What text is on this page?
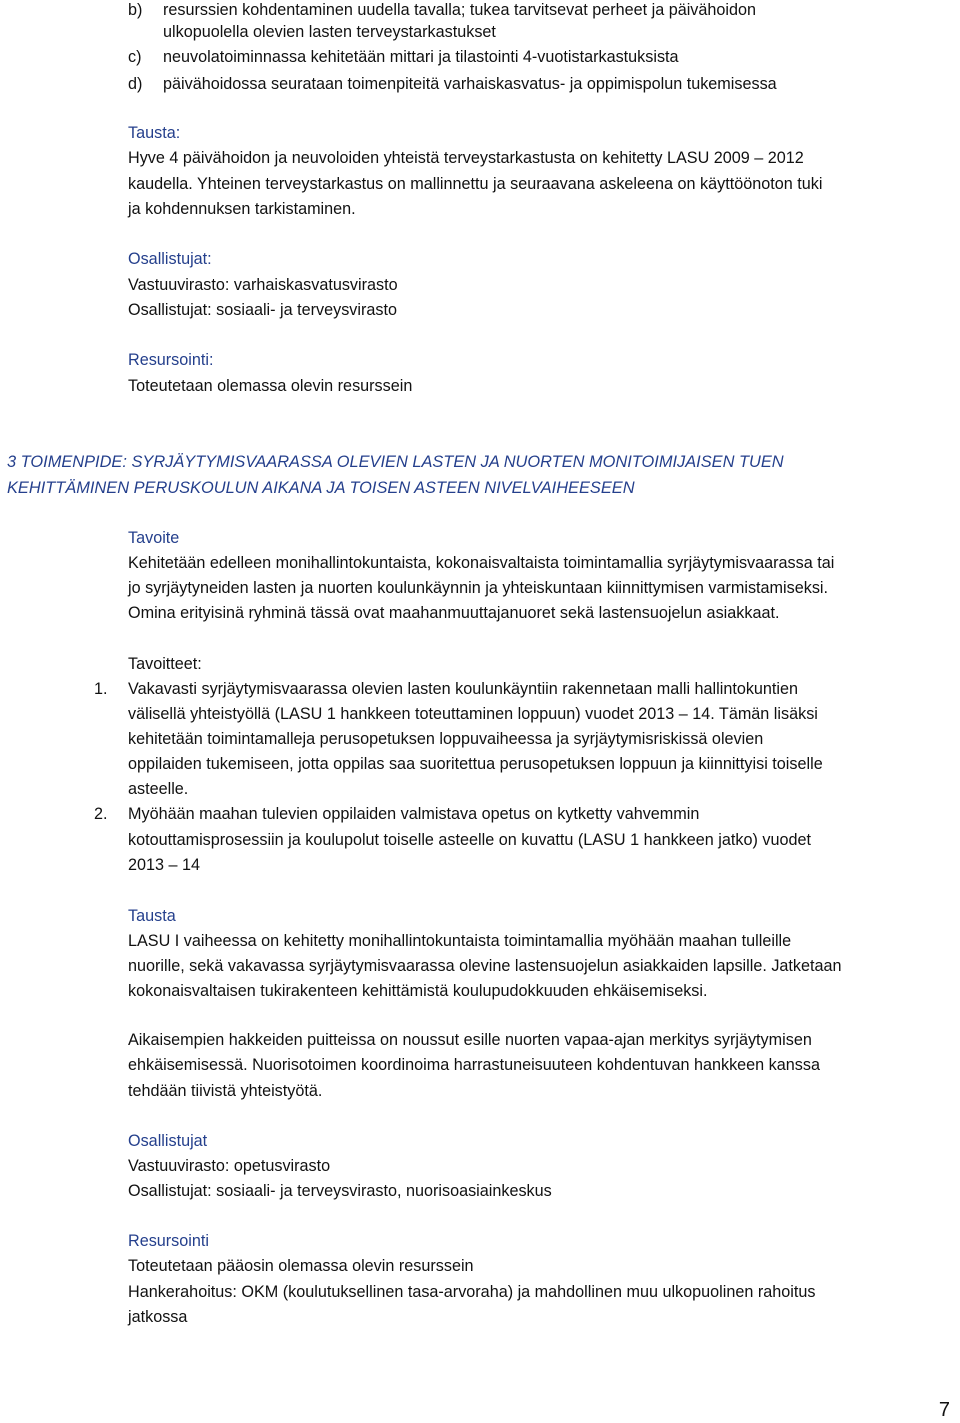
b) resurssien kohdentaminen uudella tavalla; tukea tarvitsevat perheet ja päivähoidon
ulkopuolella olevien lasten terveystarkastukset
c) neuvolatoiminnassa kehitetään mittari ja tilastointi 4-vuotistarkastuksista
d) päivähoidossa seurataan toimenpiteitä varhaiskasvatus- ja oppimispolun tukemisessa
Tausta:
Hyve 4 päivähoidon ja neuvoloiden yhteistä terveystarkastusta on kehitetty LASU 2009 – 2012
kaudella. Yhteinen terveystarkastus on mallinnettu ja seuraavana askeleena on käyttöönoton tuki
ja kohdennuksen tarkistaminen.
Osallistujat:
Vastuuvirasto: varhaiskasvatusvirasto
Osallistujat: sosiaali- ja terveysvirasto
Resursointi:
Toteutetaan olemassa olevin resurssein
3 TOIMENPIDE: SYRJÄYTYMISVAARASSA OLEVIEN LASTEN JA NUORTEN MONITOIMIJAISEN TUEN
KEHITTÄMINEN PERUSKOULUN AIKANA JA TOISEN ASTEEN NIVELVAIHEESEEN
Tavoite
Kehitetään edelleen monihallintokuntaista, kokonaisvaltaista toimintamallia syrjäytymisvaarassa tai
jo syrjäytyneiden lasten ja nuorten koulunkäynnin ja yhteiskuntaan kiinnittymisen varmistamiseksi.
Omina erityisinä ryhminä tässä ovat maahanmuuttajanuoret sekä lastensuojelun asiakkaat.
Tavoitteet:
1. Vakavasti syrjäytymisvaarassa olevien lasten koulunkäyntiin rakennetaan malli hallintokuntien
välisellä yhteistyöllä (LASU 1 hankkeen toteuttaminen loppuun) vuodet 2013 – 14. Tämän lisäksi
kehitetään toimintamalleja perusopetuksen loppuvaiheessa ja syrjäytymisriskissä olevien
oppilaiden tukemiseen, jotta oppilas saa suoritettua perusopetuksen loppuun ja kiinnittyisi toiselle
asteelle.
2. Myöhään maahan tulevien oppilaiden valmistava opetus on kytketty vahvemmin
kotouttamisprosessiin ja koulupolut toiselle asteelle on kuvattu (LASU 1 hankkeen jatko) vuodet
2013 – 14
Tausta
LASU I vaiheessa on kehitetty monihallintokuntaista toimintamallia myöhään maahan tulleille
nuorille, sekä vakavassa syrjäytymisvaarassa olevine lastensuojelun asiakkaiden lapsille. Jatketaan
kokonaisvaltaisen tukirakenteen kehittämistä koulupudokkuuden ehkäisemiseksi.
Aikaisempien hakkeiden puitteissa on noussut esille nuorten vapaa-ajan merkitys syrjäytymisen
ehkäisemisessä. Nuorisotoimen koordinoima harrastuneisuuteen kohdentuvan hankkeen kanssa
tehdään tiivistä yhteistyötä.
Osallistujat
Vastuuvirasto: opetusvirasto
Osallistujat: sosiaali- ja terveysvirasto, nuorisoasiainkeskus
Resursointi
Toteutetaan pääosin olemassa olevin resurssein
Hankerahoitus: OKM (koulutuksellinen tasa-arvoraha) ja mahdollinen muu ulkopuolinen rahoitus
jatkossa
7
